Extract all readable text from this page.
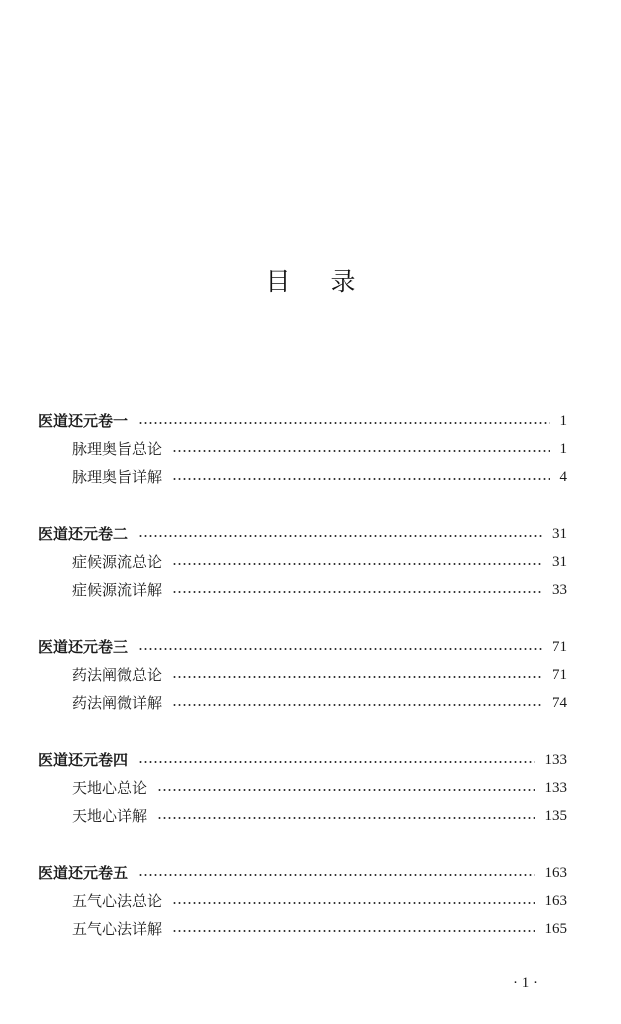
目 录
医道还元卷一	1
脉理奥旨总论	1
脉理奥旨详解	4
医道还元卷二	31
症候源流总论	31
症候源流详解	33
医道还元卷三	71
药法阐微总论	71
药法阐微详解	74
医道还元卷四	133
天地心总论	133
天地心详解	135
医道还元卷五	163
五气心法总论	163
五气心法详解	165
· 1 ·
